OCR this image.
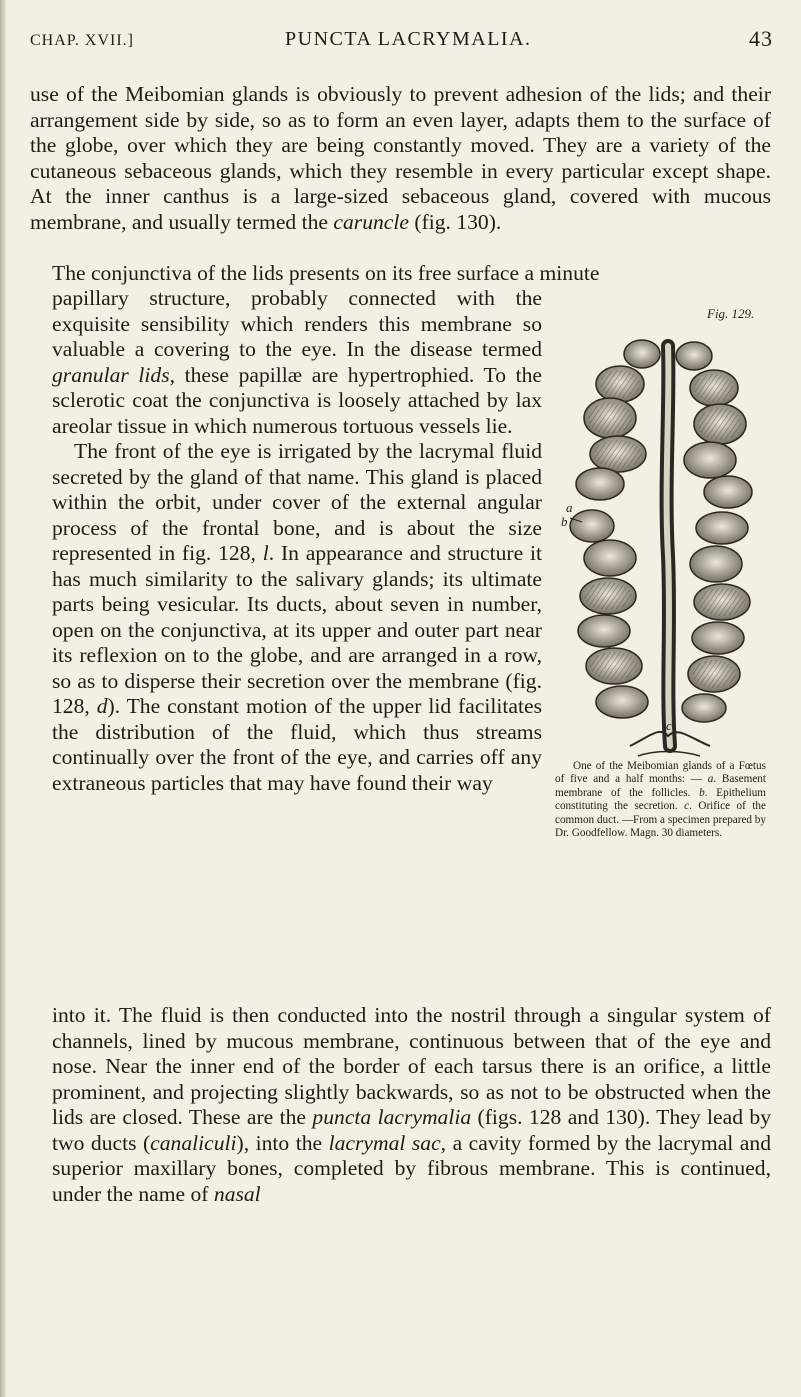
CHAP. XVII.]	PUNCTA LACRYMALIA.	43

use of the Meibomian glands is obviously to prevent adhesion of the lids; and their arrangement side by side, so as to form an even layer, adapts them to the surface of the globe, over which they are being constantly moved. They are a variety of the cutaneous sebaceous glands, which they resemble in every particular except shape. At the inner canthus is a large-sized sebaceous gland, covered with mucous membrane, and usually termed the caruncle (fig. 130).

The conjunctiva of the lids presents on its free surface a minute

papillary structure, probably connected with the exquisite sensibility which renders this membrane so valuable a covering to the eye. In the disease termed granular lids, these papillæ are hypertrophied. To the sclerotic coat the conjunctiva is loosely attached by lax areolar tissue in which numerous tortuous vessels lie.

The front of the eye is irrigated by the lacrymal fluid secreted by the gland of that name. This gland is placed within the orbit, under cover of the external angular process of the frontal bone, and is about the size represented in fig. 128, l. In appearance and structure it has much similarity to the salivary glands; its ultimate parts being vesicular. Its ducts, about seven in number, open on the conjunctiva, at its upper and outer part near its reflexion on to the globe, and are arranged in a row, so as to disperse their secretion over the membrane (fig. 128, d). The constant motion of the upper lid facilitates the distribution of the fluid, which thus streams continually over the front of the eye, and carries off any extraneous particles that may have found their way

into it. The fluid is then conducted into the nostril through a singular system of channels, lined by mucous membrane, continuous between that of the eye and nose. Near the inner end of the border of each tarsus there is an orifice, a little prominent, and projecting slightly backwards, so as not to be obstructed when the lids are closed. These are the puncta lacrymalia (figs. 128 and 130). They lead by two ducts (canaliculi), into the lacrymal sac, a cavity formed by the lacrymal and superior maxillary bones, completed by fibrous membrane. This is continued, under the name of nasal

Fig. 129.
a
b
c
One of the Meibomian glands of a Fœtus of five and a half months: — a. Basement membrane of the follicles. b. Epithelium constituting the secretion. c. Orifice of the common duct. —From a specimen prepared by Dr. Goodfellow. Magn. 30 diameters.
